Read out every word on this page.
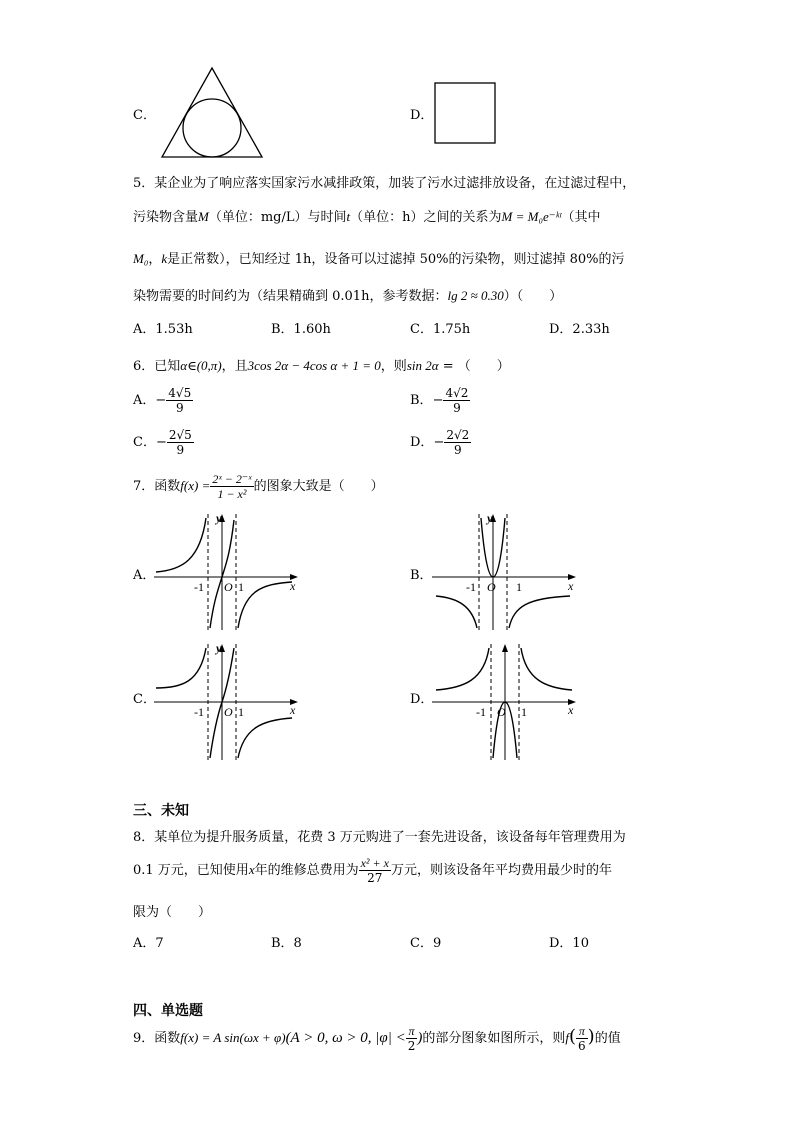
C．	D．
5．某企业为了响应落实国家污水减排政策，加装了污水过滤排放设备，在过滤过程中，
污染物含量M（单位：mg/L）与时间t（单位：h）之间的关系为M = M₀e⁻ᵏᵗ（其中
M₀，k是正常数），已知经过 1h，设备可以过滤掉 50%的污染物，则过滤掉 80%的污
染物需要的时间约为（结果精确到 0.01h，参考数据：lg 2 ≈ 0.30）（　　）
A．1.53h	B．1.60h	C．1.75h	D．2.33h
6．已知α∈(0,π)，且3cos 2α − 4cos α + 1 = 0，则sin 2α = （　　）
A．− $\frac{4√5}{9}$	B．− $\frac{4√2}{9}$
C．− $\frac{2√5}{9}$	D．− $\frac{2√2}{9}$
7．函数$f(x) = \frac{\text{2ˣ − 2⁻ˣ}}{\text{1 − x²}}$ 的图象大致是（　　）
A．
y
x
O
-1	1
B．
y
x
O
-1	1
C．
y
x
O
-1	1
D．
O	x
-1	1
三、未知
8．某单位为提升服务质量，花费 3 万元购进了一套先进设备，该设备每年管理费用为
0.1 万元，已知使用x年的维修总费用为 $\frac{\text{x² + x}}{27}$ 万元，则该设备年平均费用最少时的年
限为（　　）
A．7	B．8	C．9	D．10
四、单选题
9．函数f(x) = A sin(ωx + φ)(A > 0, ω > 0, $|\varphi| < \frac{\pi}{2}$ )的部分图象如图所示，则$f( \frac{\pi}{6}$ )的值
